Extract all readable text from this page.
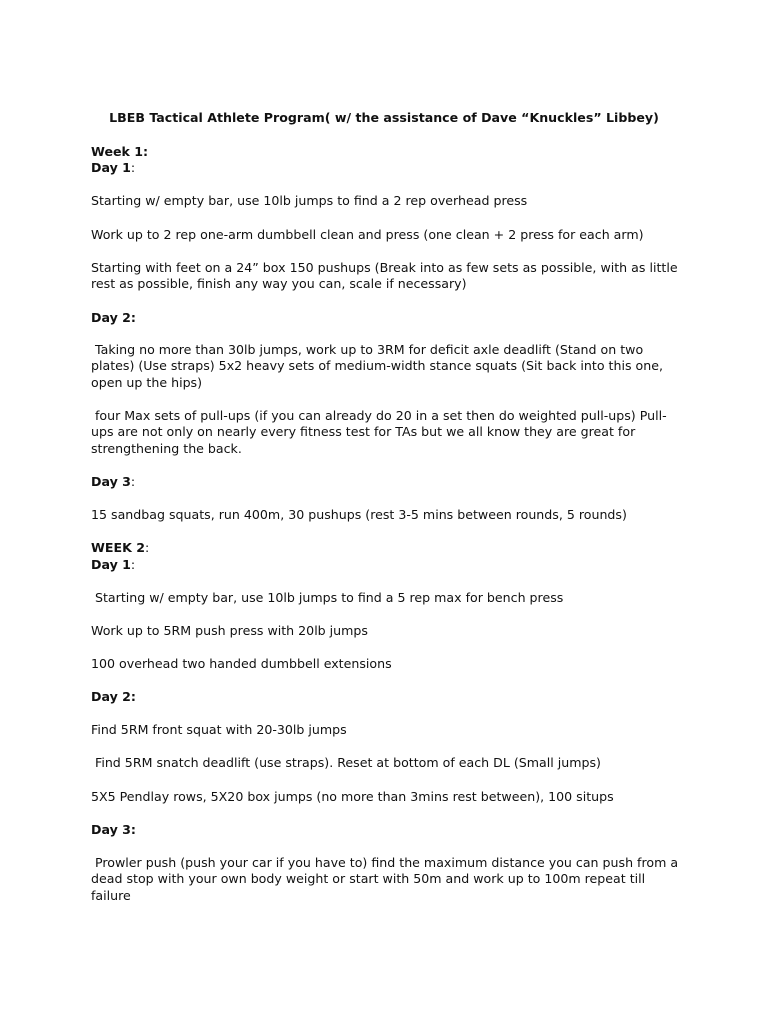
LBEB Tactical Athlete Program( w/ the assistance of Dave “Knuckles” Libbey)
Week 1:
Day 1:
Starting w/ empty bar, use 10lb jumps to find a 2 rep overhead press
Work up to 2 rep one-arm dumbbell clean and press (one clean + 2 press for each arm)
Starting with feet on a 24” box 150 pushups (Break into as few sets as possible, with as little
rest as possible, finish any way you can, scale if necessary)
Day 2:
Taking no more than 30lb jumps, work up to 3RM for deficit axle deadlift (Stand on two
plates) (Use straps) 5x2 heavy sets of medium-width stance squats (Sit back into this one,
open up the hips)
four Max sets of pull-ups (if you can already do 20 in a set then do weighted pull-ups) Pull-
ups are not only on nearly every fitness test for TAs but we all know they are great for
strengthening the back.
Day 3:
15 sandbag squats, run 400m, 30 pushups (rest 3-5 mins between rounds, 5 rounds)
WEEK 2:
Day 1:
Starting w/ empty bar, use 10lb jumps to find a 5 rep max for bench press
Work up to 5RM push press with 20lb jumps
100 overhead two handed dumbbell extensions
Day 2:
Find 5RM front squat with 20-30lb jumps
Find 5RM snatch deadlift (use straps). Reset at bottom of each DL (Small jumps)
5X5 Pendlay rows, 5X20 box jumps (no more than 3mins rest between), 100 situps
Day 3:
Prowler push (push your car if you have to) find the maximum distance you can push from a
dead stop with your own body weight or start with 50m and work up to 100m repeat till
failure
